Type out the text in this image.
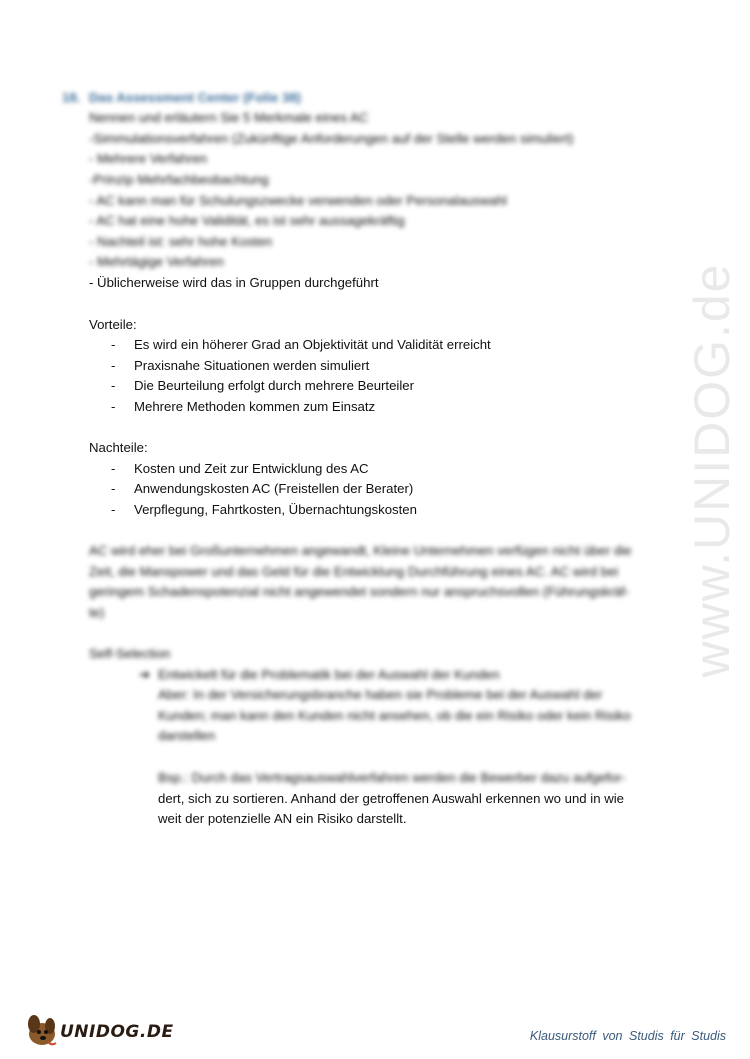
www.UNIDOG.de
18. Das Assessment Center (Folie 38)
Nennen und erläutern Sie 5 Merkmale eines AC
-Simmulationsverfahren (Zukünftige Anforderungen auf der Stelle werden simuliert)
- Mehrere Verfahren
-Prinzip Mehrfachbeobachtung
- AC kann man für Schulungszwecke verwenden oder Personalauswahl
- AC hat eine hohe Validität, es ist sehr aussagekräftig
- Nachteil ist: sehr hohe Kosten
- Mehrtägige Verfahren
- Üblicherweise wird das in Gruppen durchgeführt
Vorteile:
- Es wird ein höherer Grad an Objektivität und Validität erreicht
- Praxisnahe Situationen werden simuliert
- Die Beurteilung erfolgt durch mehrere Beurteiler
- Mehrere Methoden kommen zum Einsatz
Nachteile:
- Kosten und Zeit zur Entwicklung des AC
- Anwendungskosten AC (Freistellen der Berater)
- Verpflegung, Fahrtkosten, Übernachtungskosten
AC wird eher bei Großunternehmen angewandt, Kleine Unternehmen verfügen nicht über die
Zeit, die Manspower und das Geld für die Entwicklung Durchführung eines AC. AC wird bei
geringem Schadenspotenzial nicht angewendet sondern nur anspruchsvollen (Führungskräf-
te)
Self-Selection
➔ Entwickelt für die Problematik bei der Auswahl der Kunden
Aber: In der Versicherungsbranche haben sie Probleme bei der Auswahl der
Kunden; man kann den Kunden nicht ansehen, ob die ein Risiko oder kein Risiko
darstellen
Bsp.: Durch das Vertragsauswahlverfahren werden die Bewerber dazu aufgefor-
dert, sich zu sortieren. Anhand der getroffenen Auswahl erkennen wo und in wie
weit der potenzielle AN ein Risiko darstellt.
UNIDOG.DE	Klausurstoff von Studis für Studis
